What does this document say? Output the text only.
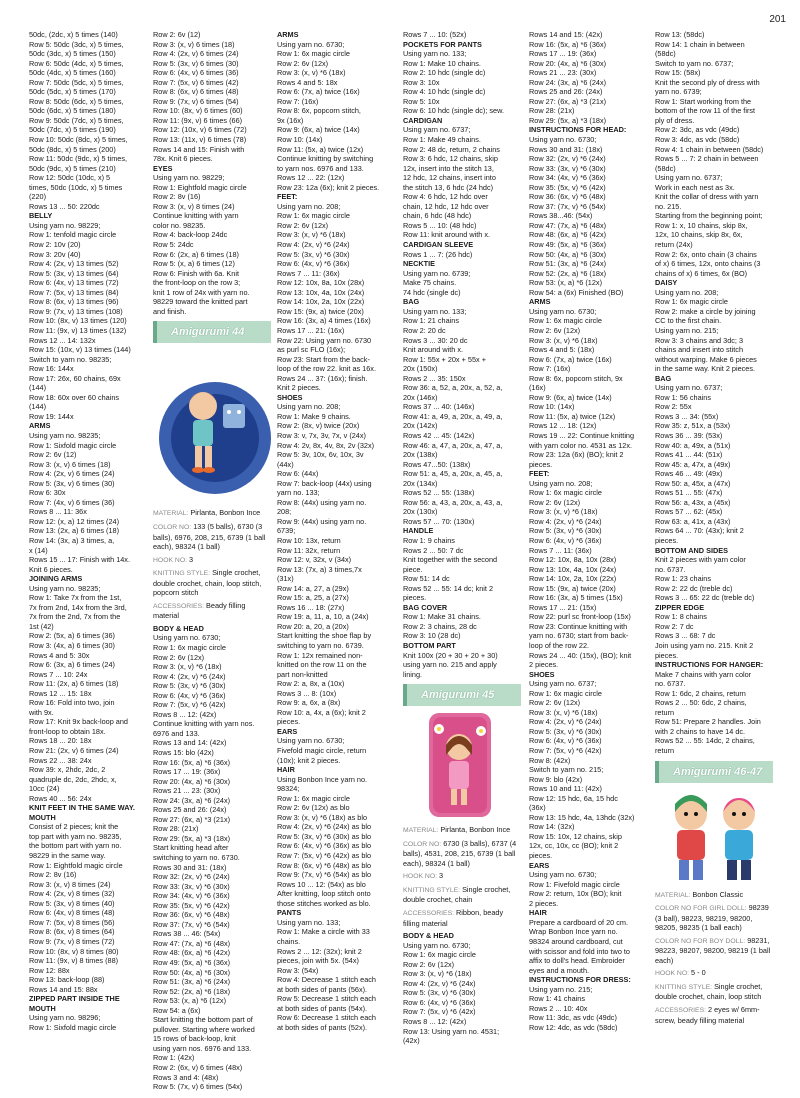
201
50dc, (2dc, x) 5 times (140)
Row 5: 50dc (3dc, x) 5 times,
50dc (3dc, x) 5 times (150)
Row 6: 50dc (4dc, x) 5 times,
50dc (4dc, x) 5 times (160)
Row 7: 50dc (5dc, x) 5 times,
50dc (5dc, x) 5 times (170)
Row 8: 50dc (6dc, x) 5 times,
50dc (6dc, x) 5 times (180)
Row 9: 50dc (7dc, x) 5 times,
50dc (7dc, x) 5 times (190)
Row 10: 50dc (8dc, x) 5 times,
50dc (8dc, x) 5 times (200)
Row 11: 50dc (9dc, x) 5 times,
50dc (9dc, x) 5 times (210)
Row 12: 50dc (10dc, x) 5
times, 50dc (10dc, x) 5 times
(220)
Rows 13 ... 50: 220dc
BELLY
Using yarn no. 98229;
Row 1: tenfold magic circle
Row 2: 10v (20)
Row 3: 20v (40)
Row 4: (2x, v) 13 times (52)
Row 5: (3x, v) 13 times (64)
Row 6: (4x, v) 13 times (72)
Row 7: (5x, v) 13 times (84)
Row 8: (6x, v) 13 times (96)
Row 9: (7x, v) 13 times (108)
Row 10: (8x, v) 13 times (120)
Row 11: (9x, v) 13 times (132)
Rows 12 ... 14: 132x
Row 15: (10x, v) 13 times (144)
Switch to yarn no. 98235;
Row 16: 144x
Row 17: 26x, 60 chains, 69x
(144)
Row 18: 60x over 60 chains
(144)
Row 19: 144x
ARMS
Using yarn no. 98235;
Row 1: Sixfold magic circle
Row 2: 6v (12)
Row 3: (x, v) 6 times (18)
Row 4: (2x, v) 6 times (24)
Row 5: (3x, v) 6 times (30)
Row 6: 30x
Row 7: (4x, v) 6 times (36)
Rows 8 ... 11: 36x
Row 12: (x, a) 12 times (24)
Row 13: (2x, a) 6 times (18)
Row 14: (3x, a) 3 times, a,
x (14)
Rows 15 ... 17: Finish with 14x.
Knit 6 pieces.
JOINING ARMS
Using yarn no. 98235;
Row 1: Take 7x from the 1st,
7x from 2nd, 14x from the 3rd,
7x from the 2nd, 7x from the
1st (42)
Row 2: (5x, a) 6 times (36)
Row 3: (4x, a) 6 times (30)
Rows 4 and 5: 30x
Row 6: (3x, a) 6 times (24)
Rows 7 ... 10: 24x
Row 11: (2x, a) 6 times (18)
Rows 12 ... 15: 18x
Row 16: Fold into two, join
with 9x.
Row 17: Knit 9x back-loop and
front-loop to obtain 18x.
Rows 18 ... 20: 18x
Row 21: (2x, v) 6 times (24)
Rows 22 ... 38: 24x
Row 39: x, 2hdc, 2dc, 2
quadruple dc, 2dc, 2hdc, x,
10cc (24)
Rows 40 ... 56: 24x
KNIT FEET IN THE SAME WAY.
MOUTH
Consist of 2 pieces; knit the
top part with yarn no. 98235,
the bottom part with yarn no.
98229 in the same way.
Row 1: Eightfold magic circle
Row 2: 8v (16)
Row 3: (x, v) 8 times (24)
Row 4: (2x, v) 8 times (32)
Row 5: (3x, v) 8 times (40)
Row 6: (4x, v) 8 times (48)
Row 7: (5x, v) 8 times (56)
Row 8: (6x, v) 8 times (64)
Row 9: (7x, v) 8 times (72)
Row 10: (8x, v) 8 times (80)
Row 11: (9x, v) 8 times (88)
Row 12: 88x
Row 13: back-loop (88)
Rows 14 and 15: 88x
ZIPPED PART INSIDE THE MOUTH
Using yarn no. 98296;
Row 1: Sixfold magic circle
Row 2: 6v (12)
Row 3: (x, v) 6 times (18)
Row 4: (2x, v) 6 times (24)
Row 5: (3x, v) 6 times (30)
Row 6: (4x, v) 6 times (36)
Row 7: (5x, v) 6 times (42)
Row 8: (6x, v) 6 times (48)
Row 9: (7x, v) 6 times (54)
Row 10: (8x, v) 6 times (60)
Row 11: (9x, v) 6 times (66)
Row 12: (10x, v) 6 times (72)
Row 13: (11x, v) 6 times (78)
Rows 14 and 15: Finish with
78x. Knit 6 pieces.
EYES
Using yarn no. 98229;
Row 1: Eightfold magic circle
Row 2: 8v (16)
Row 3: (x, v) 8 times (24)
Continue knitting with yarn
color no. 98235.
Row 4: back-loop 24dc
Row 5: 24dc
Row 6: (2x, a) 6 times (18)
Row 5: (x, a) 6 times (12)
Row 6: Finish with 6a. Knit
the front-loop on the row 3;
knit 1 row of 24x with yarn no.
98229 toward the knitted part
and finish.
Amigurumi 44
MATERIAL: Pirlanta, Bonbon Ince
COLOR NO: 133 (5 balls), 6730 (3 balls), 6976, 208, 215, 6739 (1 ball each), 98324 (1 ball)
HOOK NO: 3
KNITTING STYLE: Single crochet, double crochet, chain, loop stitch, popcorn stitch
ACCESSORIES: Beady filling material
BODY & HEAD
Using yarn no. 6730;
Row 1: 6x magic circle
Row 2: 6v (12x)
Row 3: (x, v) *6 (18x)
Row 4: (2x, v) *6 (24x)
Row 5: (3x, v) *6 (30x)
Row 6: (4x, v) *6 (36x)
Row 7: (5x, v) *6 (42x)
Rows 8 ... 12: (42x)
Continue knitting with yarn nos.
6976 and 133.
Rows 13 and 14: (42x)
Rows 15: blo (42x)
Row 16: (5x, a) *6 (36x)
Rows 17 ... 19: (36x)
Row 20: (4x, a) *6 (30x)
Rows 21 ... 23: (30x)
Row 24: (3x, a) *6 (24x)
Rows 25 and 26: (24x)
Row 27: (6x, a) *3 (21x)
Row 28: (21x)
Row 29: (5x, a) *3 (18x)
Start knitting head after
switching to yarn no. 6730.
Rows 30 and 31: (18x)
Row 32: (2x, v) *6 (24x)
Row 33: (3x, v) *6 (30x)
Row 34: (4x, v) *6 (36x)
Row 35: (5x, v) *6 (42x)
Row 36: (6x, v) *6 (48x)
Row 37: (7x, v) *6 (54x)
Rows 38 ... 46: (54x)
Row 47: (7x, a) *6 (48x)
Row 48: (6x, a) *6 (42x)
Row 49: (5x, a) *6 (36x)
Row 50: (4x, a) *6 (30x)
Row 51: (3x, a) *6 (24x)
Row 52: (2x, a) *6 (18x)
Row 53: (x, a) *6 (12x)
Row 54: a (6x)
Start knitting the bottom part of
pullover. Starting where worked
15 rows of back-loop, knit
using yarn nos. 6976 and 133.
Row 1: (42x)
Row 2: (6x, v) 6 times (48x)
Rows 3 and 4: (48x)
Row 5: (7x, v) 6 times (54x)
ARMS
Using yarn no. 6730;
Row 1: 6x magic circle
Row 2: 6v (12x)
Row 3: (x, v) *6 (18x)
Rows 4 and 5: 18x
Row 6: (7x, a) twice (16x)
Row 7: (16x)
Row 8: 6x, popcorn stitch,
9x (16x)
Row 9: (6x, a) twice (14x)
Row 10: (14x)
Row 11: (5x, a) twice (12x)
Continue knitting by switching
to yarn nos. 6976 and 133.
Rows 12 ... 22: (12x)
Row 23: 12a (6x); knit 2 pieces.
FEET:
Using yarn no. 208;
Row 1: 6x magic circle
Row 2: 6v (12x)
Row 3: (x, v) *6 (18x)
Row 4: (2x, v) *6 (24x)
Row 5: (3x, v) *6 (30x)
Row 6: (4x, v) *6 (36x)
Rows 7 ... 11: (36x)
Row 12: 10x, 8a, 10x (28x)
Row 13: 10x, 4a, 10x (24x)
Row 14: 10x, 2a, 10x (22x)
Row 15: (9x, a) twice (20x)
Row 16: (3x, a) 4 times (16x)
Rows 17 ... 21: (16x)
Row 22: Using yarn no. 6730
as purl sc FLO (16x);
Row 23: Start from the back-
loop of the row 22. knit as 16x.
Rows 24 ... 37: (16x); finish.
Knit 2 pieces.
SHOES
Using yarn no. 208;
Row 1: Make 9 chains.
Row 2: (8x, v) twice (20x)
Row 3: v, 7x, 3v, 7x, v (24x)
Row 4: 2v, 8x, 4v, 8x, 2v (32x)
Row 5: 3v, 10x, 6v, 10x, 3v
(44x)
Row 6: (44x)
Row 7: back-loop (44x) using
yarn no. 133;
Row 8: (44x) using yarn no.
208;
Row 9: (44x) using yarn no.
6739;
Row 10: 13x, return
Row 11: 32x, return
Row 12: v, 32x, v (34x)
Row 13: (7x, a) 3 times,7x
(31x)
Row 14: a, 27, a (29x)
Row 15: a, 25, a (27x)
Rows 16 ... 18: (27x)
Row 19: a, 11, a, 10, a (24x)
Row 20: a, 20, a (20x)
Start knitting the shoe flap by
switching to yarn no. 6739.
Row 1: 12x remained non-
knitted on the row 11 on the
part non-knitted
Row 2: a, 8x, a (10x)
Rows 3 ... 8: (10x)
Row 9: a, 6x, a (8x)
Row 10: a, 4x, a (6x); knit 2
pieces.
EARS
Using yarn no. 6730;
Fivefold magic circle, return
(10x); knit 2 pieces.
HAIR
Using Bonbon Ince yarn no.
98324;
Row 1: 6x magic circle
Row 2: 6v (12x) as blo
Row 3: (x, v) *6 (18x) as blo
Row 4: (2x, v) *6 (24x) as blo
Row 5: (3x, v) *6 (30x) as blo
Row 6: (4x, v) *6 (36x) as blo
Row 7: (5x, v) *6 (42x) as blo
Row 8: (6x, v) *6 (48x) as blo
Row 9: (7x, v) *6 (54x) as blo
Rows 10 ... 12: (54x) as blo
After knitting, loop stitch onto
those stitches worked as blo.
PANTS
Using yarn no. 133;
Row 1: Make a circle with 33
chains.
Rows 2 ... 12: (32x); knit 2
pieces, join with 5x. (54x)
Row 3: (54x)
Row 4: Decrease 1 stitch each
at both sides of pants (56x).
Row 5: Decrease 1 stitch each
at both sides of pants (54x).
Row 6: Decrease 1 stitch each
at both sides of pants (52x).
Rows 7 ... 10: (52x)
POCKETS FOR PANTS
Using yarn no. 133;
Row 1: Make 10 chains.
Row 2: 10 hdc (single dc)
Row 3: 10x
Row 4: 10 hdc (single dc)
Row 5: 10x
Row 6: 10 hdc (single dc); sew.
CARDIGAN
Using yarn no. 6737;
Row 1: Make 49 chains.
Row 2: 48 dc, return, 2 chains
Row 3: 6 hdc, 12 chains, skip
12x, insert into the stitch 13,
12 hdc, 12 chains, insert into
the stitch 13, 6 hdc (24 hdc)
Row 4: 6 hdc, 12 hdc over
chain, 12 hdc, 12 hdc over
chain, 6 hdc (48 hdc)
Rows 5 ... 10: (48 hdc)
Row 11: knit around with x.
CARDIGAN SLEEVE
Rows 1 ... 7: (26 hdc)
NECKTIE
Using yarn no. 6739;
Make 75 chains.
74 hdc (single dc)
BAG
Using yarn no. 133;
Row 1: 21 chains
Row 2: 20 dc
Rows 3 ... 30: 20 dc
Knit around with x.
Row 1: 55x + 20x + 55x +
20x (150x)
Rows 2 ... 35: 150x
Row 36: a, 52, a, 20x, a, 52, a,
20x (146x)
Rows 37 ... 40: (146x)
Row 41: a, 49, a, 20x, a, 49, a,
20x (142x)
Rows 42 ... 45: (142x)
Row 46: a, 47, a, 20x, a, 47, a,
20x (138x)
Rows 47...50: (138x)
Row 51: a, 45, a, 20x, a, 45, a,
20x (134x)
Rows 52 ... 55: (138x)
Row 56: a, 43, a, 20x, a, 43, a,
20x (130x)
Rows 57 ... 70: (130x)
HANDLE
Row 1: 9 chains
Rows 2 ... 50: 7 dc
Knit together with the second
piece.
Row 51: 14 dc
Rows 52 ... 55: 14 dc; knit 2
pieces.
BAG COVER
Row 1: Make 31 chains.
Row 2: 3 chains, 28 dc
Row 3: 10 (28 dc)
BOTTOM PART
Knit 100x (20 + 30 + 20 + 30)
using yarn no. 215 and apply
lining.
Amigurumi 45
MATERIAL: Pirlanta, Bonbon Ince
COLOR NO: 6730 (3 balls), 6737 (4 balls), 4531, 208, 215, 6739 (1 ball each), 98324 (1 ball)
HOOK NO: 3
KNITTING STYLE: Single crochet, double crochet, chain
ACCESSORIES: Ribbon, beady filling material
BODY & HEAD
Using yarn no. 6730;
Row 1: 6x magic circle
Row 2: 6v (12x)
Row 3: (x, v) *6 (18x)
Row 4: (2x, v) *6 (24x)
Row 5: (3x, v) *6 (30x)
Row 6: (4x, v) *6 (36x)
Row 7: (5x, v) *6 (42x)
Rows 8 ... 12: (42x)
Row 13: Using yarn no. 4531;
(42x)
Rows 14 and 15: (42x)
Row 16: (5x, a) *6 (36x)
Rows 17 ... 19: (36x)
Row 20: (4x, a) *6 (30x)
Rows 21 ... 23: (30x)
Row 24: (3x, a) *6 (24x)
Rows 25 and 26: (24x)
Row 27: (6x, a) *3 (21x)
Row 28: (21x)
Row 29: (5x, a) *3 (18x)
INSTRUCTIONS FOR HEAD:
Using yarn no. 6730;
Rows 30 and 31: (18x)
Row 32: (2x, v) *6 (24x)
Row 33: (3x, v) *6 (30x)
Row 34: (4x, v) *6 (36x)
Row 35: (5x, v) *6 (42x)
Row 36: (6x, v) *6 (48x)
Row 37: (7x, v) *6 (54x)
Rows 38...46: (54x)
Row 47: (7x, a) *6 (48x)
Row 48: (6x, a) *6 (42x)
Row 49: (5x, a) *6 (36x)
Row 50: (4x, a) *6 (30x)
Row 51: (3x, a) *6 (24x)
Row 52: (2x, a) *6 (18x)
Row 53: (x, a) *6 (12x)
Row 54: a (6x) Finished (BO)
ARMS
Using yarn no. 6730;
Row 1: 6x magic circle
Row 2: 6v (12x)
Row 3: (x, v) *6 (18x)
Rows 4 and 5: (18x)
Row 6: (7x, a) twice (16x)
Row 7: (16x)
Row 8: 6x, popcorn stitch, 9x
(16x)
Row 9: (6x, a) twice (14x)
Row 10: (14x)
Row 11: (5x, a) twice (12x)
Rows 12 ... 18: (12x)
Rows 19 ... 22: Continue knitting
with yarn color no. 4531 as 12x.
Row 23: 12a (6x) (BO); knit 2
pieces.
FEET:
Using yarn no. 208;
Row 1: 6x magic circle
Row 2: 6v (12x)
Row 3: (x, v) *6 (18x)
Row 4: (2x, v) *6 (24x)
Row 5: (3x, v) *6 (30x)
Row 6: (4x, v) *6 (36x)
Rows 7 ... 11: (36x)
Row 12: 10x, 8a, 10x (28x)
Row 13: 10x, 4a, 10x (24x)
Row 14: 10x, 2a, 10x (22x)
Row 15: (9x, a) twice (20x)
Row 16: (3x, a) 5 times (15x)
Rows 17 ... 21: (15x)
Row 22: purl sc front-loop (15x)
Row 23: Continue knitting with
yarn no. 6730; start from back-
loop of the row 22.
Rows 24 ... 40: (15x), (BO); knit
2 pieces.
SHOES
Using yarn no. 6737;
Row 1: 6x magic circle
Row 2: 6v (12x)
Row 3: (x, v) *6 (18x)
Row 4: (2x, v) *6 (24x)
Row 5: (3x, v) *6 (30x)
Row 6: (4x, v) *6 (36x)
Row 7: (5x, v) *6 (42x)
Row 8: (42x)
Switch to yarn no. 215;
Row 9: blo (42x)
Rows 10 and 11: (42x)
Row 12: 15 hdc, 6a, 15 hdc
(36x)
Row 13: 15 hdc, 4a, 13hdc (32x)
Row 14: (32x)
Row 15: 10x, 12 chains, skip
12x, cc, 10x, cc (BO); knit 2
pieces.
EARS
Using yarn no. 6730;
Row 1: Fivefold magic circle
Row 2: return, 10x (BO); knit
2 pieces.
HAIR
Prepare a cardboard of 20 cm.
Wrap Bonbon Ince yarn no.
98324 around cardboard, cut
with scissor and fold into two to
affix to doll's head. Embroider
eyes and a mouth.
INSTRUCTIONS FOR DRESS:
Using yarn no. 215;
Row 1: 41 chains
Rows 2 ... 10: 40x
Row 11: 3dc, as vdc (49dc)
Row 12: 4dc, as vdc (58dc)
Row 13: (58dc)
Row 14: 1 chain in between
(58dc)
Switch to yarn no. 6737;
Row 15: (58x)
Knit the second ply of dress with
yarn no. 6739;
Row 1: Start working from the
bottom of the row 11 of the first
ply of dress.
Row 2: 3dc, as vdc (49dc)
Row 3: 4dc, as vdc (58dc)
Row 4: 1 chain in between (58dc)
Rows 5 ... 7: 2 chain in between
(58dc)
Using yarn no. 6737;
Work in each nest as 3x.
Knit the collar of dress with yarn
no. 215.
Starting from the beginning point;
Row 1: x, 10 chains, skip 8x,
12x, 10 chains, skip 8x, 6x,
return (24x)
Row 2: 6x, onto chain (3 chains
of x) 6 times, 12x, onto chains (3
chains of x) 6 times, 6x (BO)
DAISY
Using yarn no. 208;
Row 1: 6x magic circle
Row 2: make a circle by joining
CC to the first chain.
Using yarn no. 215;
Row 3: 3 chains and 3dc; 3
chains and insert into stitch
without warping. Make 6 pieces
in the same way. Knit 2 pieces.
BAG
Using yarn no. 6737;
Row 1: 56 chains
Row 2: 55x
Rows 3 ... 34: (55x)
Row 35: z, 51x, a (53x)
Rows 36 ... 39: (53x)
Row 40: a, 49x, a (51x)
Rows 41 ... 44: (51x)
Row 45: a, 47x, a (49x)
Rows 46 ... 49: (49x)
Row 50: a, 45x, a (47x)
Rows 51 ... 55: (47x)
Row 56: a, 43x, a (45x)
Rows 57 ... 62: (45x)
Row 63: a, 41x, a (43x)
Rows 64 ... 70: (43x); knit 2
pieces.
BOTTOM AND SIDES
Knit 2 pieces with yarn color
no. 6737.
Row 1: 23 chains
Row 2: 22 dc (treble dc)
Rows 3 ... 65: 22 dc (treble dc)
ZIPPER EDGE
Row 1: 8 chains
Row 2: 7 dc
Rows 3 ... 68: 7 dc
Join using yarn no. 215. Knit 2
pieces.
INSTRUCTIONS FOR HANGER:
Make 7 chains with yarn color
no. 6737.
Row 1: 6dc, 2 chains, return
Rows 2 ... 50: 6dc, 2 chains,
return
Row 51: Prepare 2 handles. Join
with 2 chains to have 14 dc.
Rows 52 ... 55: 14dc, 2 chains,
return
Amigurumi 46-47
MATERIAL: Bonbon Classic
COLOR NO FOR GIRL DOLL: 98239 (3 ball), 98223, 98219, 98200, 98205, 98235 (1 ball each)
COLOR NO FOR BOY DOLL: 98231, 98223, 98207, 98200, 98219 (1 ball each)
HOOK NO: 5 - 0
KNITTING STYLE: Single crochet, double crochet, chain, loop stitch
ACCESSORIES: 2 eyes w/ 6mm-screw, beady filling material
